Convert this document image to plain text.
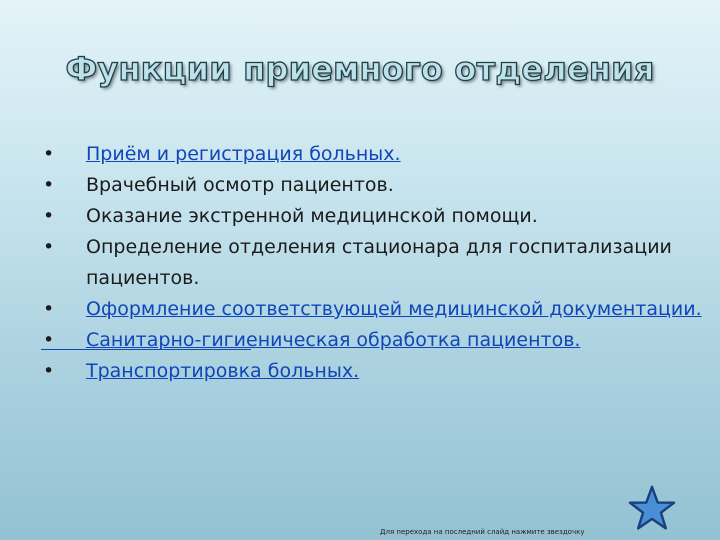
Функции приемного отделения
• Приём и регистрация больных.
• Врачебный осмотр пациентов.
• Оказание экстренной медицинской помощи.
• Определение отделения стационара для госпитализации пациентов.
• Оформление соответствующей медицинской документации.
• Санитарно-гигиеническая обработка пациентов.
• Транспортировка больных.
Для перехода на последний слайд нажмите звездочку
